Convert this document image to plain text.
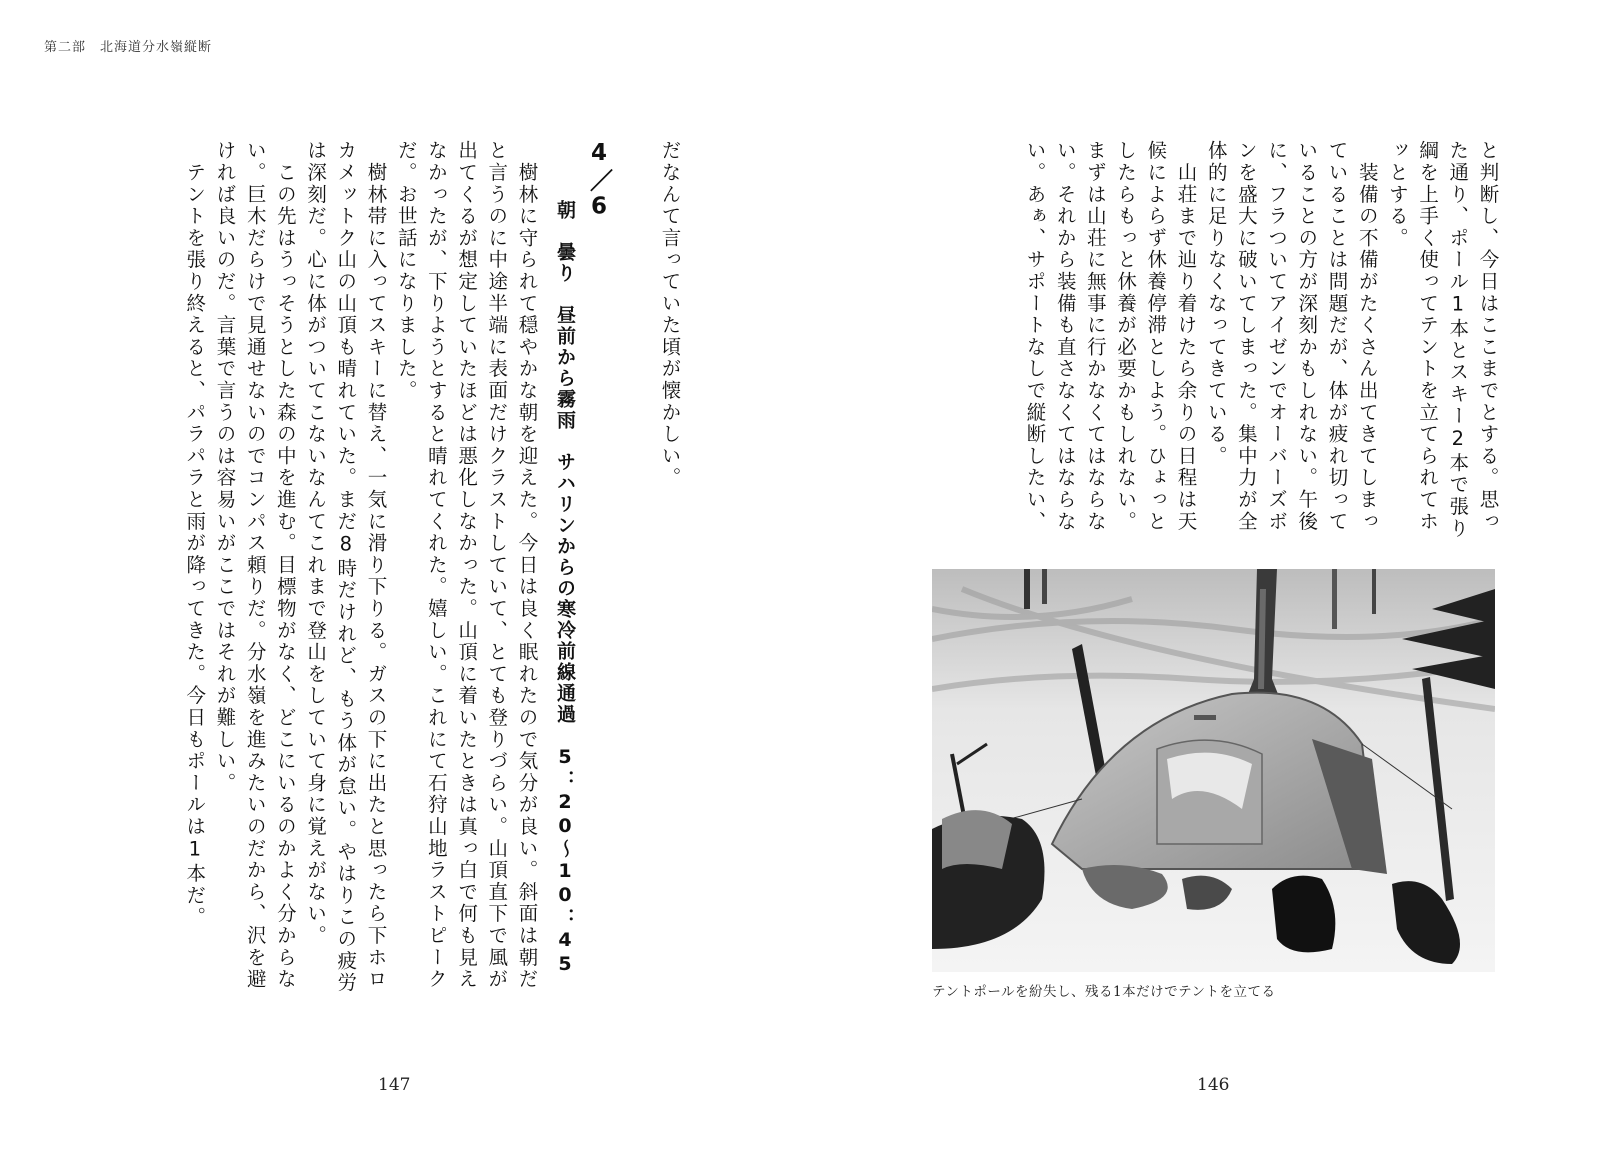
第二部　北海道分水嶺縦断
と判断し、今日はここまでとする。思っ
た通り、ポール1本とスキー2本で張り
綱を上手く使ってテントを立てられてホ
ッとする。
　装備の不備がたくさん出てきてしまっ
ていることは問題だが、体が疲れ切って
いることの方が深刻かもしれない。午後
に、フラついてアイゼンでオーバーズボ
ンを盛大に破いてしまった。集中力が全
体的に足りなくなってきている。
　山荘まで辿り着けたら余りの日程は天
候によらず休養停滞としよう。ひょっと
したらもっと休養が必要かもしれない。
まずは山荘に無事に行かなくてはならな
い。それから装備も直さなくてはならな
い。あぁ、サポートなしで縦断したい、
テントポールを紛失し、残る1本だけでテントを立てる
だなんて言っていた頃が懐かしい。
4／6
朝　曇り　昼前から霧雨　サハリンからの寒冷前線通過　5：20〜10：45
　樹林に守られて穏やかな朝を迎えた。今日は良く眠れたので気分が良い。斜面は朝だ
と言うのに中途半端に表面だけクラストしていて、とても登りづらい。山頂直下で風が
出てくるが想定していたほどは悪化しなかった。山頂に着いたときは真っ白で何も見え
なかったが、下りようとすると晴れてくれた。嬉しい。これにて石狩山地ラストピーク
だ。お世話になりました。
　樹林帯に入ってスキーに替え、一気に滑り下りる。ガスの下に出たと思ったら下ホロ
カメットク山の山頂も晴れていた。まだ8時だけれど、もう体が怠い。やはりこの疲労
は深刻だ。心に体がついてこないなんてこれまで登山をしていて身に覚えがない。
　この先はうっそうとした森の中を進む。目標物がなく、どこにいるのかよく分からな
い。巨木だらけで見通せないのでコンパス頼りだ。分水嶺を進みたいのだから、沢を避
ければ良いのだ。言葉で言うのは容易いがここではそれが難しい。
　テントを張り終えると、パラパラと雨が降ってきた。今日もポールは1本だ。
147	146
